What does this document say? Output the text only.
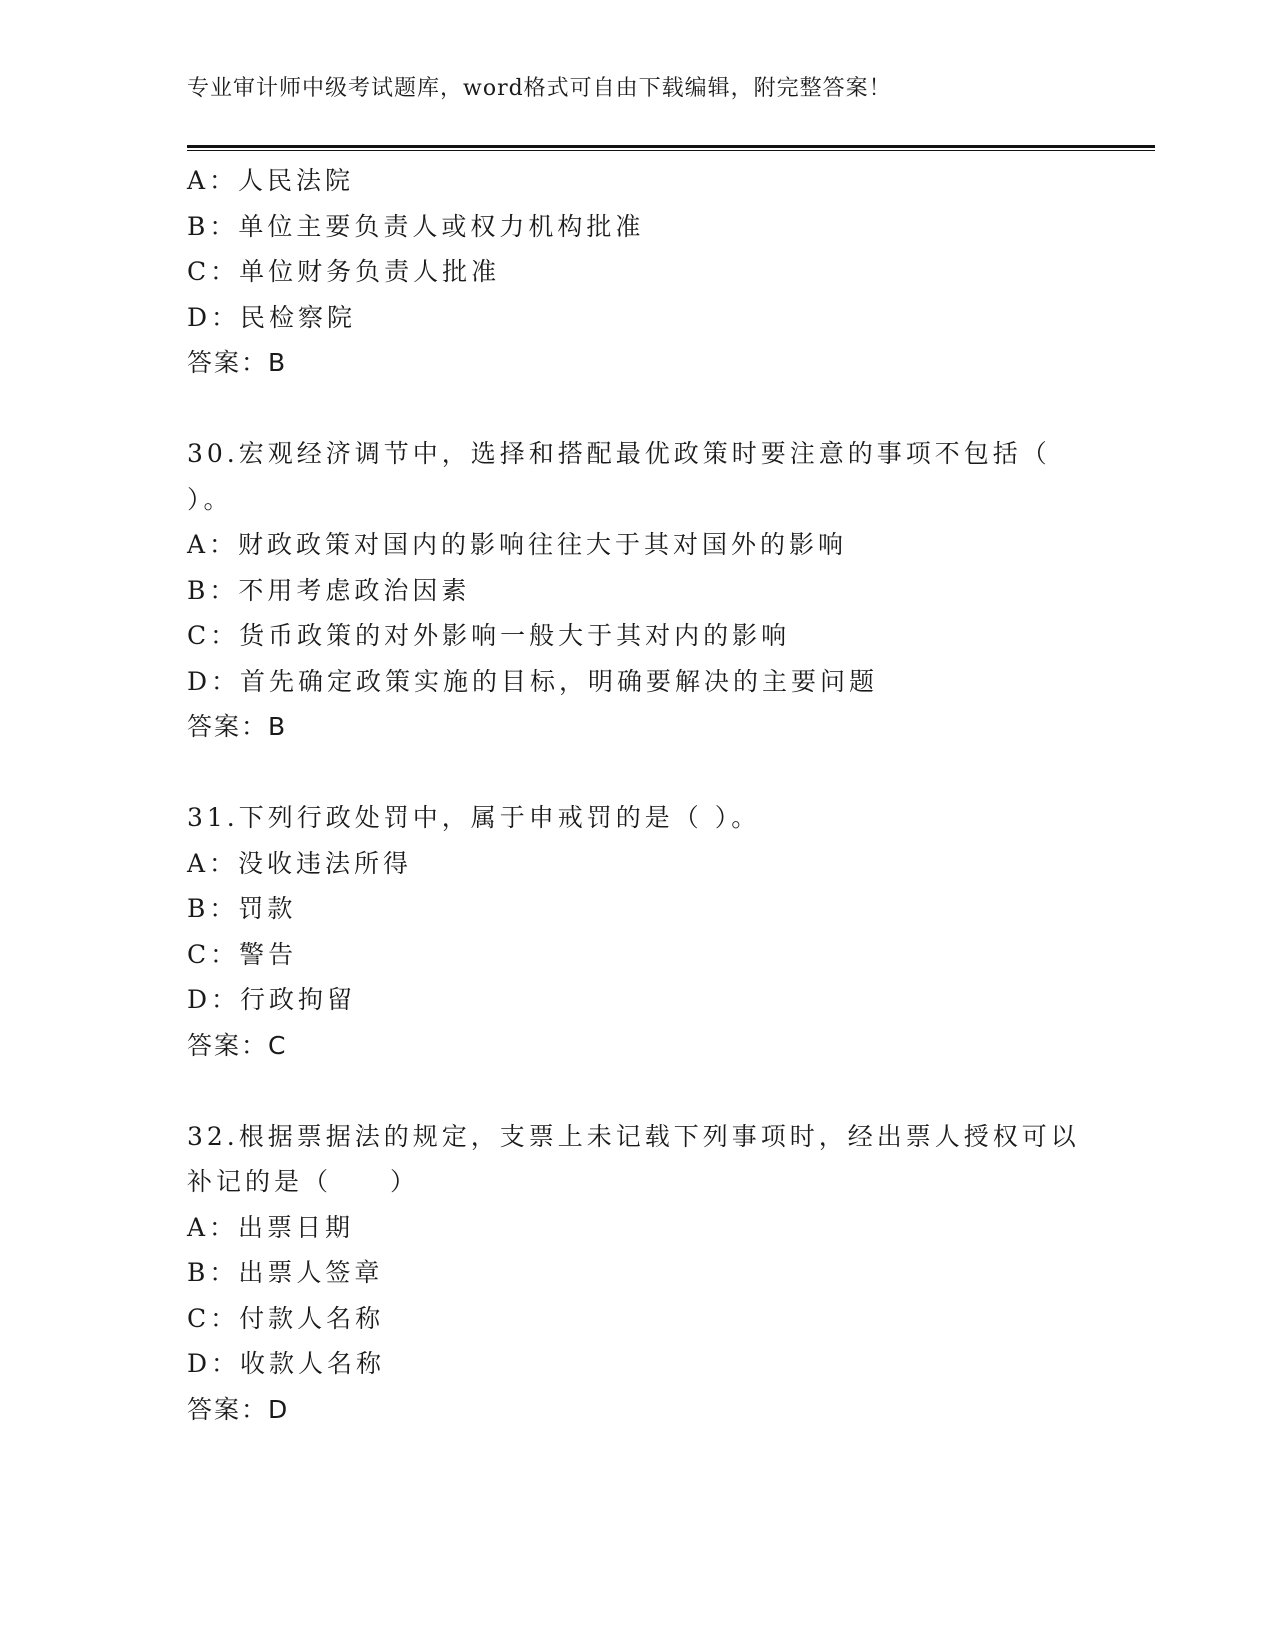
专业审计师中级考试题库，word格式可自由下载编辑，附完整答案！
A：人民法院
B：单位主要负责人或权力机构批准
C：单位财务负责人批准
D：民检察院
答案：B
30.宏观经济调节中，选择和搭配最优政策时要注意的事项不包括（
）。
A：财政政策对国内的影响往往大于其对国外的影响
B：不用考虑政治因素
C：货币政策的对外影响一般大于其对内的影响
D：首先确定政策实施的目标，明确要解决的主要问题
答案：B
31.下列行政处罚中，属于申戒罚的是（ ）。
A：没收违法所得
B：罚款
C：警告
D：行政拘留
答案：C
32.根据票据法的规定，支票上未记载下列事项时，经出票人授权可以
补记的是（　　）
A：出票日期
B：出票人签章
C：付款人名称
D：收款人名称
答案：D
